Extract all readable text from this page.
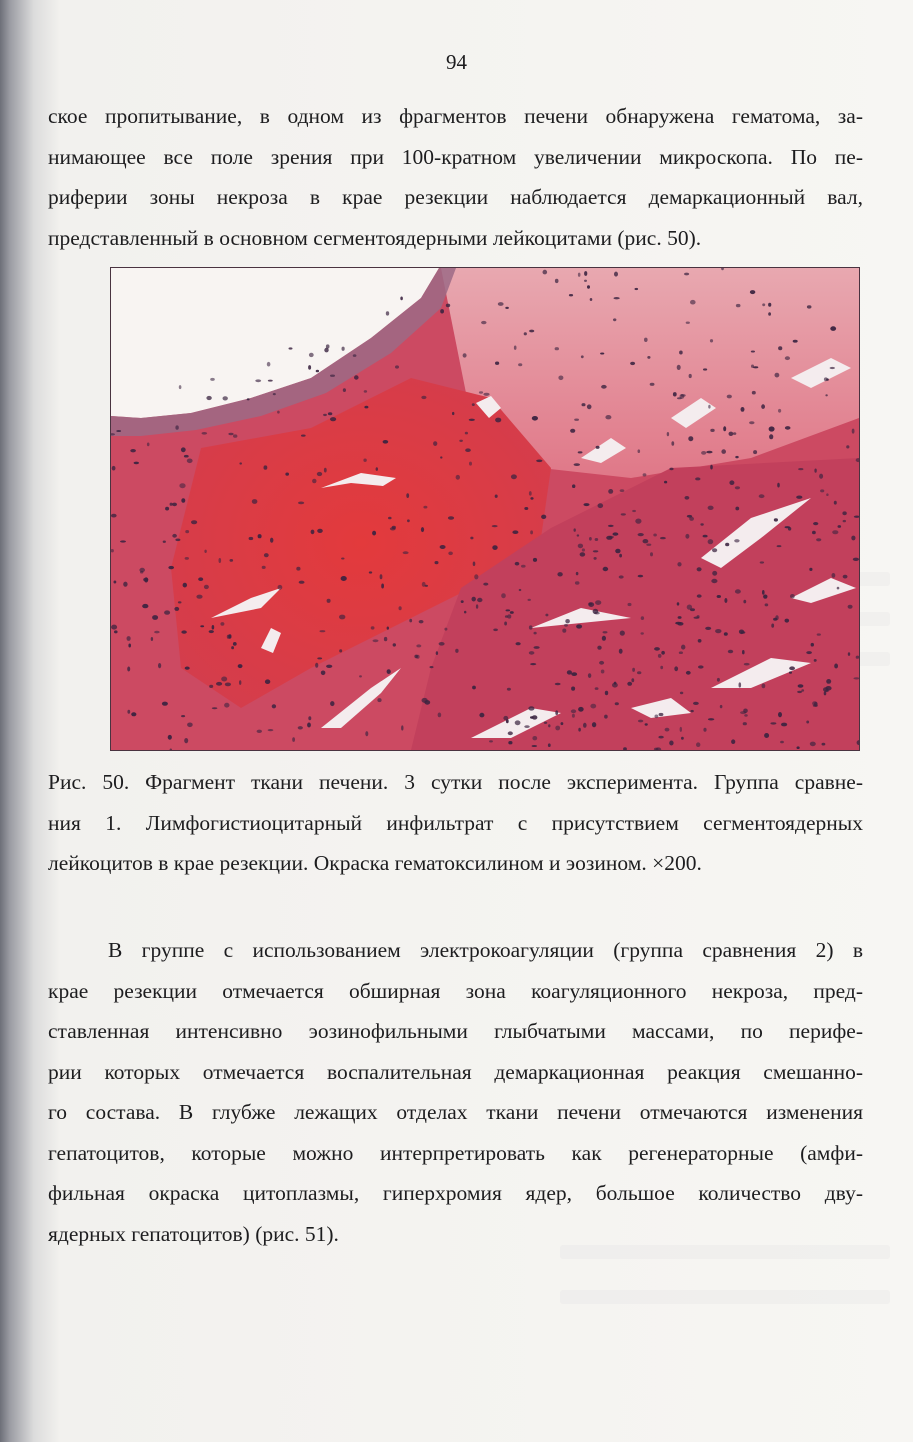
94
ское пропитывание, в одном из фрагментов печени обнаружена гематома, за-
нимающее все поле зрения при 100-кратном увеличении микроскопа. По пе-
риферии зоны некроза в крае резекции наблюдается демаркационный вал,
представленный в основном сегментоядерными лейкоцитами (рис. 50).
Рис. 50. Фрагмент ткани печени. 3 сутки после эксперимента. Группа сравне-
ния 1. Лимфогистиоцитарный инфильтрат с присутствием сегментоядерных
лейкоцитов в крае резекции. Окраска гематоксилином и эозином. ×200.
В группе с использованием электрокоагуляции (группа сравнения 2) в
крае резекции отмечается обширная зона коагуляционного некроза, пред-
ставленная интенсивно эозинофильными глыбчатыми массами, по перифе-
рии которых отмечается воспалительная демаркационная реакция смешанно-
го состава. В глубже лежащих отделах ткани печени отмечаются изменения
гепатоцитов, которые можно интерпретировать как регенераторные (амфи-
фильная окраска цитоплазмы, гиперхромия ядер, большое количество дву-
ядерных гепатоцитов) (рис. 51).
